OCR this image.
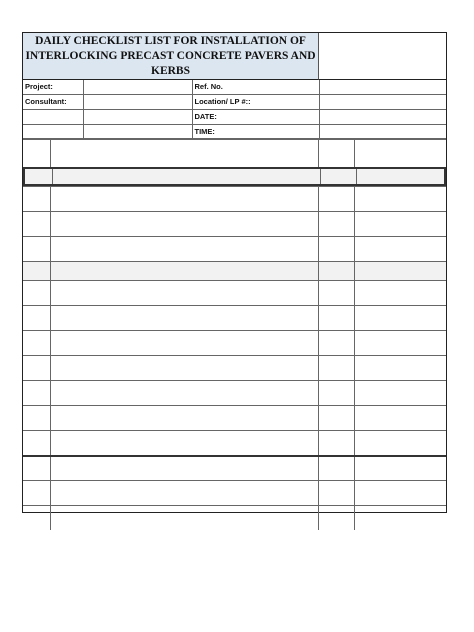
DAILY CHECKLIST LIST FOR INSTALLATION OF
INTERLOCKING PRECAST CONCRETE PAVERS AND KERBS
Project:		Ref. No.	
Consultant:		Location/ LP #::	
		DATE:	
		TIME:	
